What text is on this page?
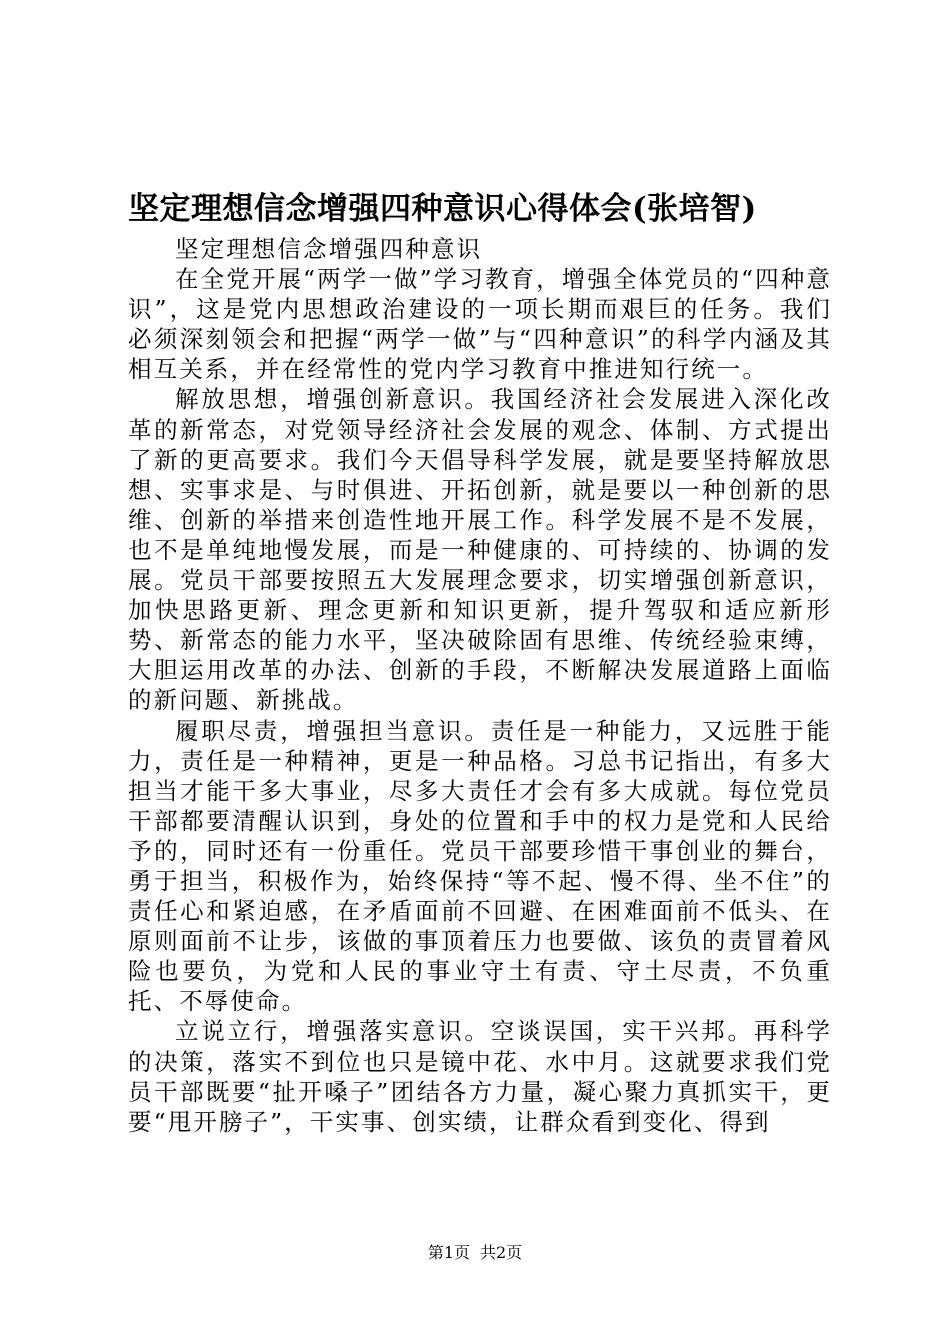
坚定理想信念增强四种意识心得体会(张培智)

坚定理想信念增强四种意识

在全党开展“两学一做”学习教育，增强全体党员的“四种意识”，这是党内思想政治建设的一项长期而艰巨的任务。我们必须深刻领会和把握“两学一做”与“四种意识”的科学内涵及其相互关系，并在经常性的党内学习教育中推进知行统一。

解放思想，增强创新意识。我国经济社会发展进入深化改革的新常态，对党领导经济社会发展的观念、体制、方式提出了新的更高要求。我们今天倡导科学发展，就是要坚持解放思想、实事求是、与时俱进、开拓创新，就是要以一种创新的思维、创新的举措来创造性地开展工作。科学发展不是不发展，也不是单纯地慢发展，而是一种健康的、可持续的、协调的发展。党员干部要按照五大发展理念要求，切实增强创新意识，加快思路更新、理念更新和知识更新，提升驾驭和适应新形势、新常态的能力水平，坚决破除固有思维、传统经验束缚，大胆运用改革的办法、创新的手段，不断解决发展道路上面临的新问题、新挑战。

履职尽责，增强担当意识。责任是一种能力，又远胜于能力，责任是一种精神，更是一种品格。习总书记指出，有多大担当才能干多大事业，尽多大责任才会有多大成就。每位党员干部都要清醒认识到，身处的位置和手中的权力是党和人民给予的，同时还有一份重任。党员干部要珍惜干事创业的舞台，勇于担当，积极作为，始终保持“等不起、慢不得、坐不住”的责任心和紧迫感，在矛盾面前不回避、在困难面前不低头、在原则面前不让步，该做的事顶着压力也要做、该负的责冒着风险也要负，为党和人民的事业守土有责、守土尽责，不负重托、不辱使命。

立说立行，增强落实意识。空谈误国，实干兴邦。再科学的决策，落实不到位也只是镜中花、水中月。这就要求我们党员干部既要“扯开嗓子”团结各方力量，凝心聚力真抓实干，更要“甩开膀子”，干实事、创实绩，让群众看到变化、得到

第1页 共2页
